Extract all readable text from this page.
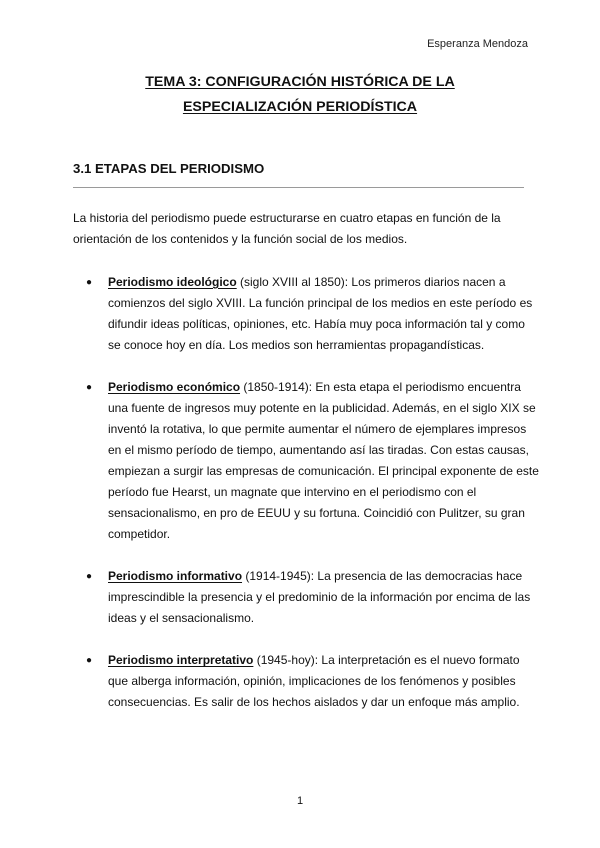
Esperanza Mendoza
TEMA 3: CONFIGURACIÓN HISTÓRICA DE LA
ESPECIALIZACIÓN PERIODÍSTICA
3.1 ETAPAS DEL PERIODISMO

La historia del periodismo puede estructurarse en cuatro etapas en función de la orientación de los contenidos y la función social de los medios.

● Periodismo ideológico (siglo XVIII al 1850): Los primeros diarios nacen a comienzos del siglo XVIII. La función principal de los medios en este período es difundir ideas políticas, opiniones, etc. Había muy poca información tal y como se conoce hoy en día. Los medios son herramientas propagandísticas.
● Periodismo económico (1850-1914): En esta etapa el periodismo encuentra una fuente de ingresos muy potente en la publicidad. Además, en el siglo XIX se inventó la rotativa, lo que permite aumentar el número de ejemplares impresos en el mismo período de tiempo, aumentando así las tiradas. Con estas causas, empiezan a surgir las empresas de comunicación. El principal exponente de este período fue Hearst, un magnate que intervino en el periodismo con el sensacionalismo, en pro de EEUU y su fortuna. Coincidió con Pulitzer, su gran competidor.
● Periodismo informativo (1914-1945): La presencia de las democracias hace imprescindible la presencia y el predominio de la información por encima de las ideas y el sensacionalismo.
● Periodismo interpretativo (1945-hoy): La interpretación es el nuevo formato que alberga información, opinión, implicaciones de los fenómenos y posibles consecuencias. Es salir de los hechos aislados y dar un enfoque más amplio.
1
